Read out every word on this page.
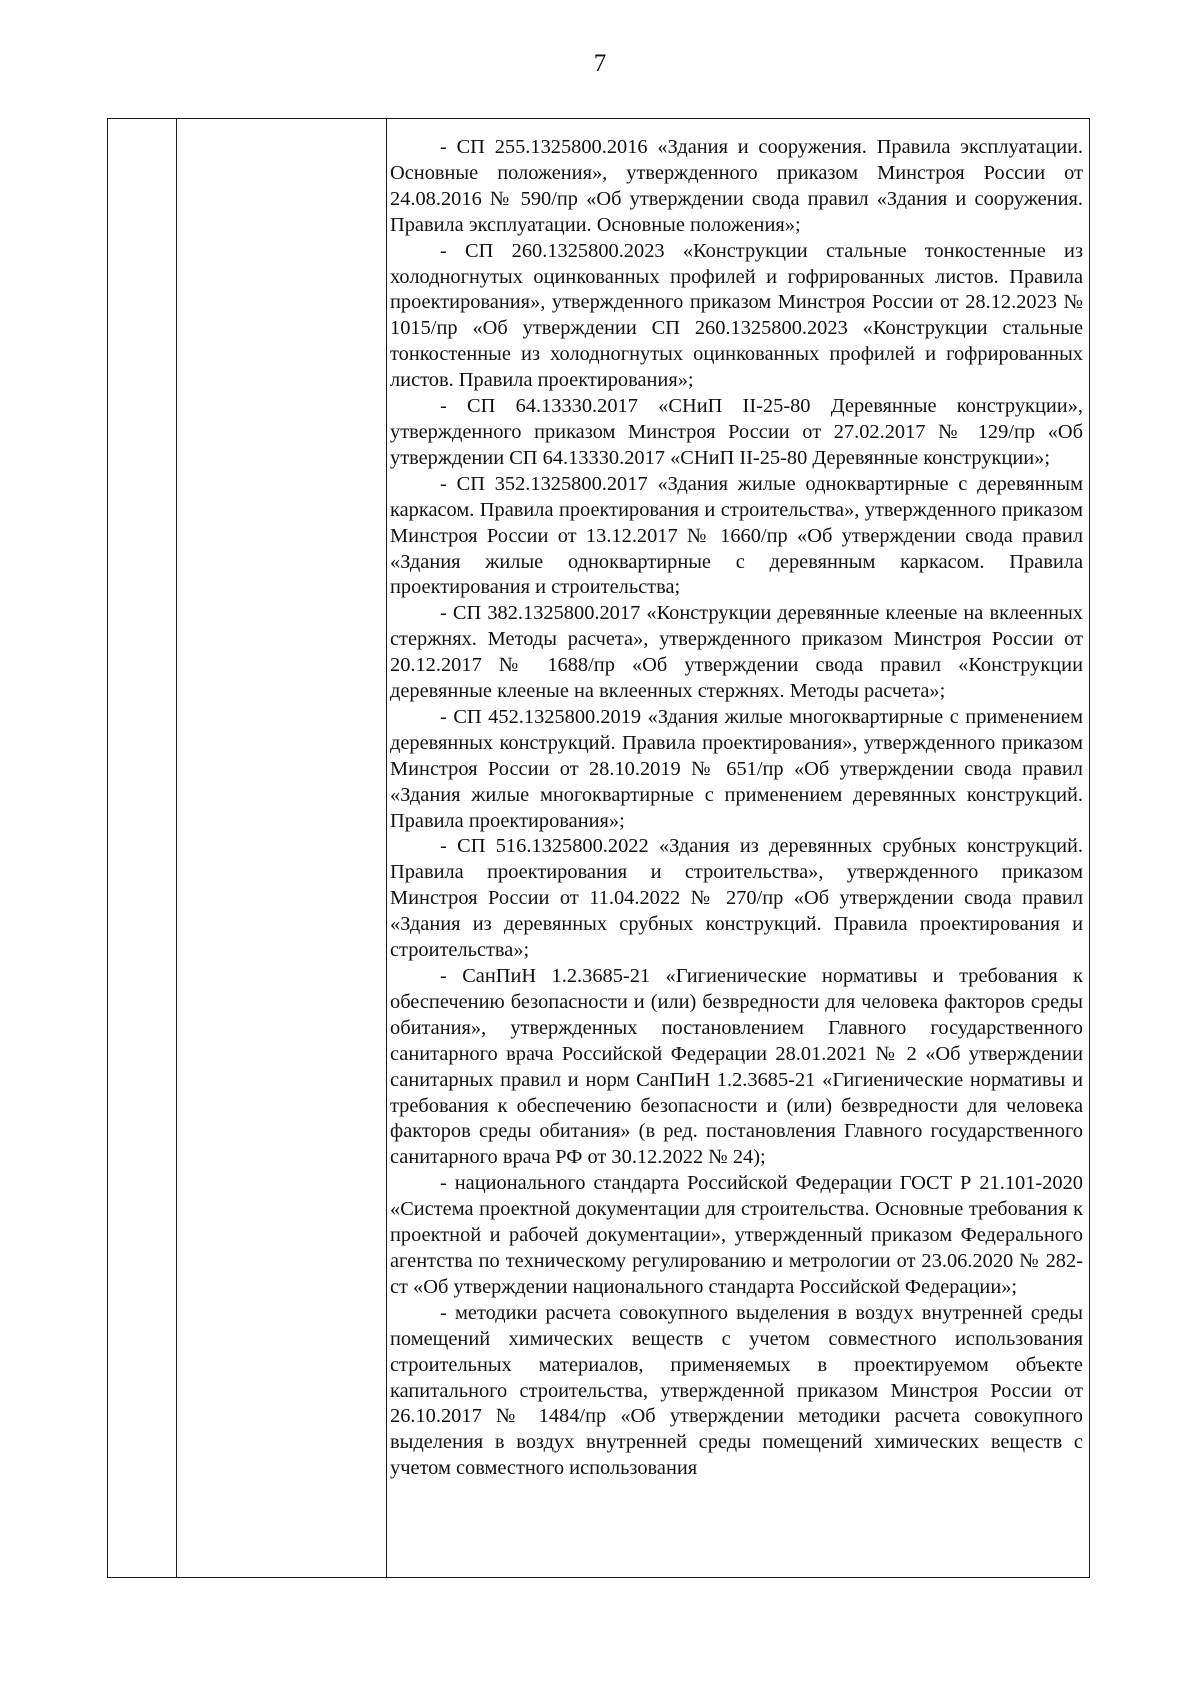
7

- СП 255.1325800.2016 «Здания и сооружения. Правила эксплуатации. Основные положения», утвержденного приказом Минстроя России от 24.08.2016 № 590/пр «Об утверждении свода правил «Здания и сооружения. Правила эксплуатации. Основные положения»;

- СП 260.1325800.2023 «Конструкции стальные тонкостенные из холодногнутых оцинкованных профилей и гофрированных листов. Правила проектирования», утвержденного приказом Минстроя России от 28.12.2023 № 1015/пр «Об утверждении СП 260.1325800.2023 «Конструкции стальные тонкостенные из холодногнутых оцинкованных профилей и гофрированных листов. Правила проектирования»;

- СП 64.13330.2017 «СНиП II-25-80 Деревянные конструкции», утвержденного приказом Минстроя России от 27.02.2017 № 129/пр «Об утверждении СП 64.13330.2017 «СНиП II-25-80 Деревянные конструкции»;

- СП 352.1325800.2017 «Здания жилые одноквартирные с деревянным каркасом. Правила проектирования и строительства», утвержденного приказом Минстроя России от 13.12.2017 № 1660/пр «Об утверждении свода правил «Здания жилые одноквартирные с деревянным каркасом. Правила проектирования и строительства;

- СП 382.1325800.2017 «Конструкции деревянные клееные на вклеенных стержнях. Методы расчета», утвержденного приказом Минстроя России от 20.12.2017 № 1688/пр «Об утверждении свода правил «Конструкции деревянные клееные на вклеенных стержнях. Методы расчета»;

- СП 452.1325800.2019 «Здания жилые многоквартирные с применением деревянных конструкций. Правила проектирования», утвержденного приказом Минстроя России от 28.10.2019 № 651/пр «Об утверждении свода правил «Здания жилые многоквартирные с применением деревянных конструкций. Правила проектирования»;

- СП 516.1325800.2022 «Здания из деревянных срубных конструкций. Правила проектирования и строительства», утвержденного приказом Минстроя России от 11.04.2022 № 270/пр «Об утверждении свода правил «Здания из деревянных срубных конструкций. Правила проектирования и строительства»;

- СанПиН 1.2.3685-21 «Гигиенические нормативы и требования к обеспечению безопасности и (или) безвредности для человека факторов среды обитания», утвержденных постановлением Главного государственного санитарного врача Российской Федерации 28.01.2021 № 2 «Об утверждении санитарных правил и норм СанПиН 1.2.3685-21 «Гигиенические нормативы и требования к обеспечению безопасности и (или) безвредности для человека факторов среды обитания» (в ред. постановления Главного государственного санитарного врача РФ от 30.12.2022 № 24);

- национального стандарта Российской Федерации ГОСТ Р 21.101-2020 «Система проектной документации для строительства. Основные требования к проектной и рабочей документации», утвержденный приказом Федерального агентства по техническому регулированию и метрологии от 23.06.2020 № 282-ст «Об утверждении национального стандарта Российской Федерации»;

- методики расчета совокупного выделения в воздух внутренней среды помещений химических веществ с учетом совместного использования строительных материалов, применяемых в проектируемом объекте капитального строительства, утвержденной приказом Минстроя России от 26.10.2017 № 1484/пр «Об утверждении методики расчета совокупного выделения в воздух внутренней среды помещений химических веществ с учетом совместного использования
